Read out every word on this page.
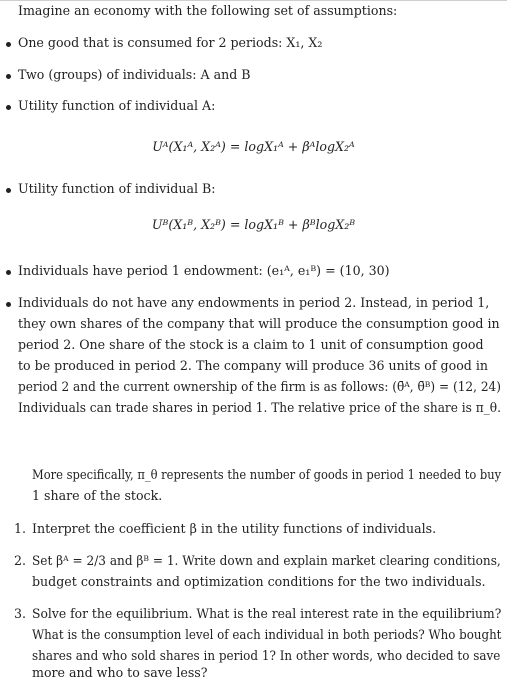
Imagine an economy with the following set of assumptions:
One good that is consumed for 2 periods: X₁, X₂
Two (groups) of individuals: A and B
Utility function of individual A:
Uᴬ(X₁ᴬ, X₂ᴬ) = logX₁ᴬ + βᴬlogX₂ᴬ
Utility function of individual B:
Uᴮ(X₁ᴮ, X₂ᴮ) = logX₁ᴮ + βᴮlogX₂ᴮ
Individuals have period 1 endowment: (e₁ᴬ, e₁ᴮ) = (10, 30)
Individuals do not have any endowments in period 2. Instead, in period 1,
they own shares of the company that will produce the consumption good in
period 2. One share of the stock is a claim to 1 unit of consumption good
to be produced in period 2. The company will produce 36 units of good in
period 2 and the current ownership of the firm is as follows: (θ̄ᴬ, θ̄ᴮ) = (12, 24)
Individuals can trade shares in period 1. The relative price of the share is π_θ.
More specifically, π_θ represents the number of goods in period 1 needed to buy
1 share of the stock.
1. Interpret the coefficient β in the utility functions of individuals.
2. Set βᴬ = 2/3 and βᴮ = 1. Write down and explain market clearing conditions,
budget constraints and optimization conditions for the two individuals.
3. Solve for the equilibrium. What is the real interest rate in the equilibrium?
What is the consumption level of each individual in both periods? Who bought
shares and who sold shares in period 1? In other words, who decided to save
more and who to save less?
